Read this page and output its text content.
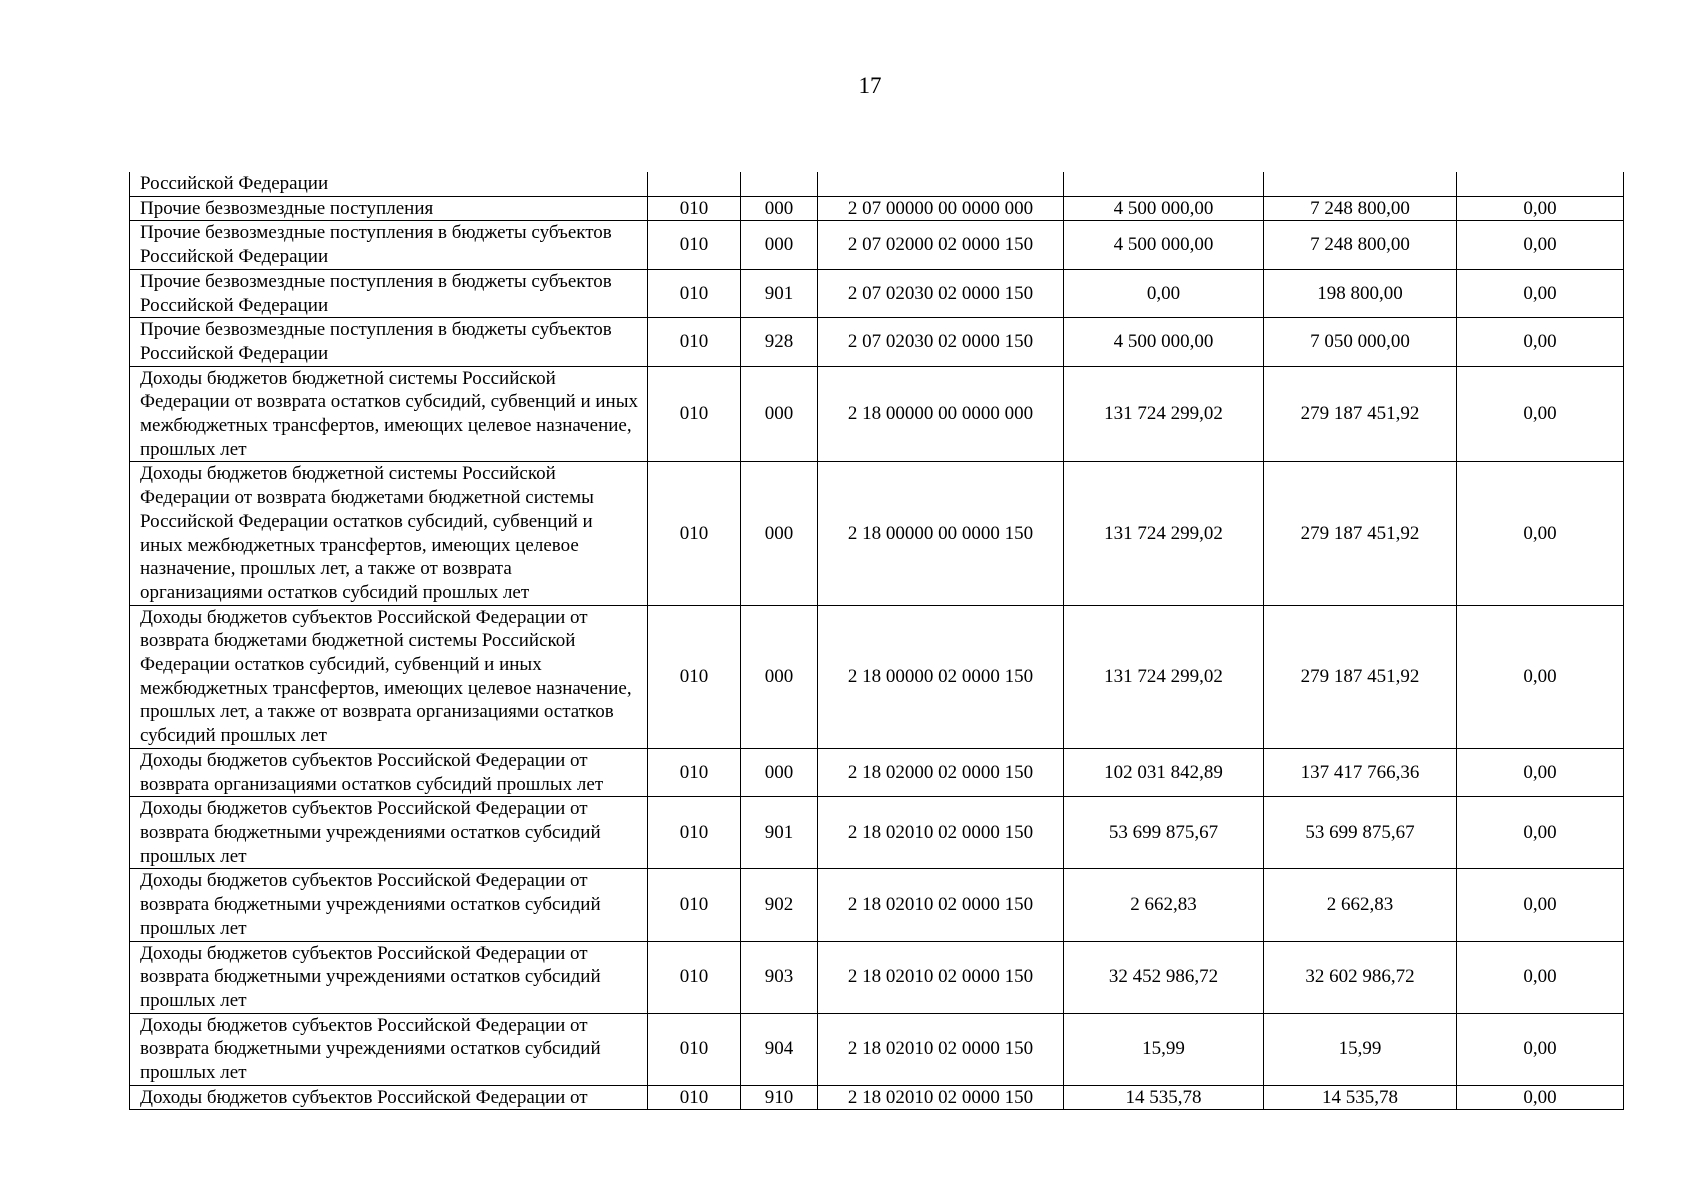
17
Российской Федерации						
Прочие безвозмездные поступления	010	000	2 07 00000 00 0000 000	4 500 000,00	7 248 800,00	0,00
Прочие безвозмездные поступления в бюджеты субъектов Российской Федерации	010	000	2 07 02000 02 0000 150	4 500 000,00	7 248 800,00	0,00
Прочие безвозмездные поступления в бюджеты субъектов Российской Федерации	010	901	2 07 02030 02 0000 150	0,00	198 800,00	0,00
Прочие безвозмездные поступления в бюджеты субъектов Российской Федерации	010	928	2 07 02030 02 0000 150	4 500 000,00	7 050 000,00	0,00
Доходы бюджетов бюджетной системы Российской Федерации от возврата остатков субсидий, субвенций и иных межбюджетных трансфертов, имеющих целевое назначение, прошлых лет	010	000	2 18 00000 00 0000 000	131 724 299,02	279 187 451,92	0,00
Доходы бюджетов бюджетной системы Российской Федерации от возврата бюджетами бюджетной системы Российской Федерации остатков субсидий, субвенций и иных межбюджетных трансфертов, имеющих целевое назначение, прошлых лет, а также от возврата организациями остатков субсидий прошлых лет	010	000	2 18 00000 00 0000 150	131 724 299,02	279 187 451,92	0,00
Доходы бюджетов субъектов Российской Федерации от возврата бюджетами бюджетной системы Российской Федерации остатков субсидий, субвенций и иных межбюджетных трансфертов, имеющих целевое назначение, прошлых лет, а также от возврата организациями остатков субсидий прошлых лет	010	000	2 18 00000 02 0000 150	131 724 299,02	279 187 451,92	0,00
Доходы бюджетов субъектов Российской Федерации от возврата организациями остатков субсидий прошлых лет	010	000	2 18 02000 02 0000 150	102 031 842,89	137 417 766,36	0,00
Доходы бюджетов субъектов Российской Федерации от возврата бюджетными учреждениями остатков субсидий прошлых лет	010	901	2 18 02010 02 0000 150	53 699 875,67	53 699 875,67	0,00
Доходы бюджетов субъектов Российской Федерации от возврата бюджетными учреждениями остатков субсидий прошлых лет	010	902	2 18 02010 02 0000 150	2 662,83	2 662,83	0,00
Доходы бюджетов субъектов Российской Федерации от возврата бюджетными учреждениями остатков субсидий прошлых лет	010	903	2 18 02010 02 0000 150	32 452 986,72	32 602 986,72	0,00
Доходы бюджетов субъектов Российской Федерации от возврата бюджетными учреждениями остатков субсидий прошлых лет	010	904	2 18 02010 02 0000 150	15,99	15,99	0,00
Доходы бюджетов субъектов Российской Федерации от	010	910	2 18 02010 02 0000 150	14 535,78	14 535,78	0,00
